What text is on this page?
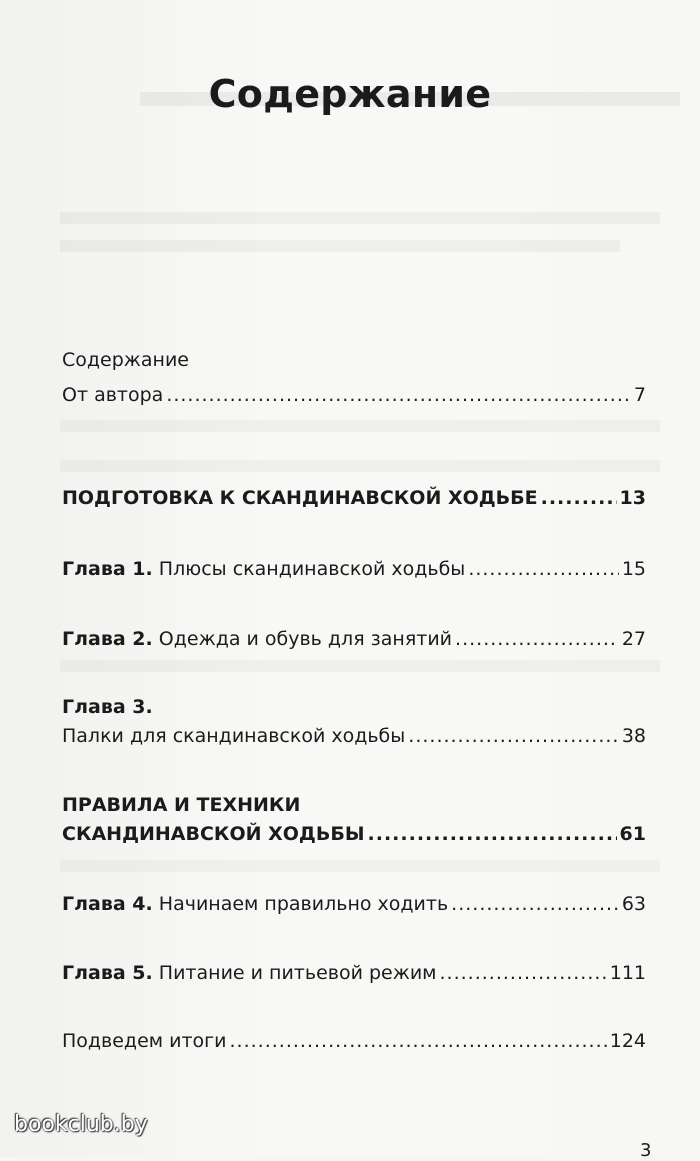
Содержание
Содержание
От автора .....	7
ПОДГОТОВКА К СКАНДИНАВСКОЙ ХОДЬБЕ .....	13
Глава 1. Плюсы скандинавской ходьбы .....	15
Глава 2. Одежда и обувь для занятий .....	27
Глава 3.
Палки для скандинавской ходьбы .....	38
ПРАВИЛА И ТЕХНИКИ
СКАНДИНАВСКОЙ ХОДЬБЫ .....	61
Глава 4. Начинаем правильно ходить .....	63
Глава 5. Питание и питьевой режим .....	111
Подведем итоги .....	124
bookclub.by
3
